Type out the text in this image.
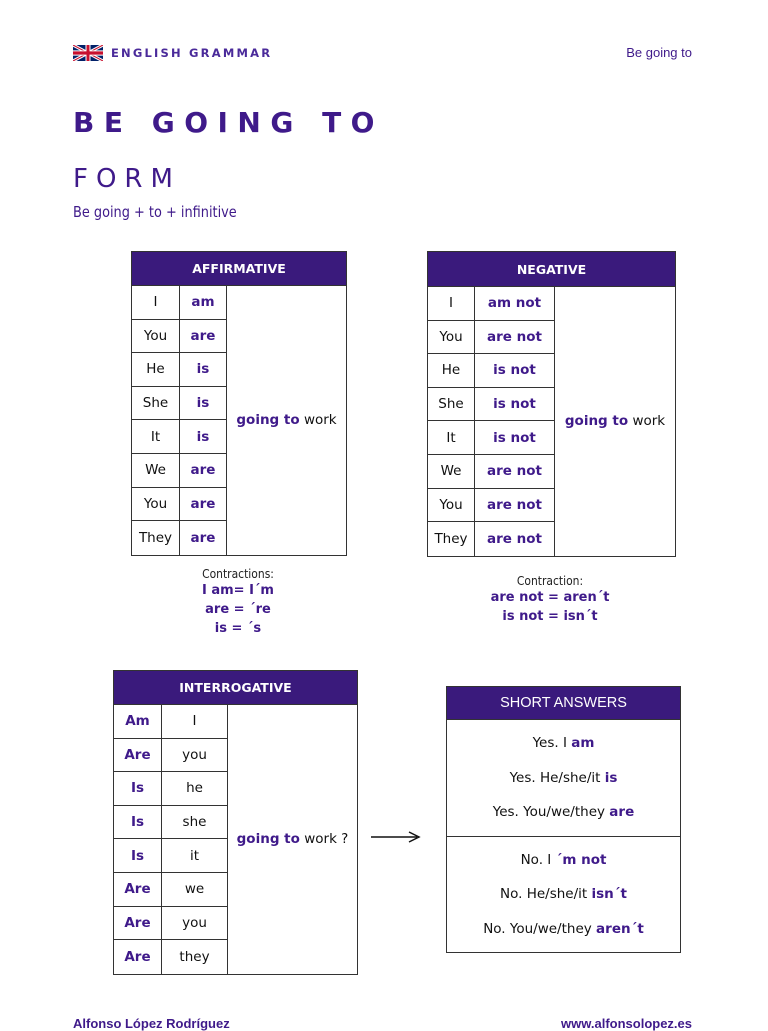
ENGLISH GRAMMAR	Be going to
BE GOING TO
FORM
Be going + to + infinitive
AFFIRMATIVE
I
You
He
She
It
We
You
They
am
are
is
is
is
are
are
are
going to work
NEGATIVE
I
You
He
She
It
We
You
They
am not
are not
is not
is not
is not
are not
are not
are not
going to work
Contractions:
I am= I´m
are = ´re
is = ´s
Contraction:
are not = aren´t
is not = isn´t
INTERROGATIVE
Am
Are
Is
Is
Is
Are
Are
Are
I
you
he
she
it
we
you
they
going to work ?
SHORT ANSWERS
Yes. I am
Yes. He/she/it is
Yes. You/we/they are
No. I ´m not
No. He/she/it isn´t
No. You/we/they aren´t
Alfonso López Rodríguez	www.alfonsolopez.es
